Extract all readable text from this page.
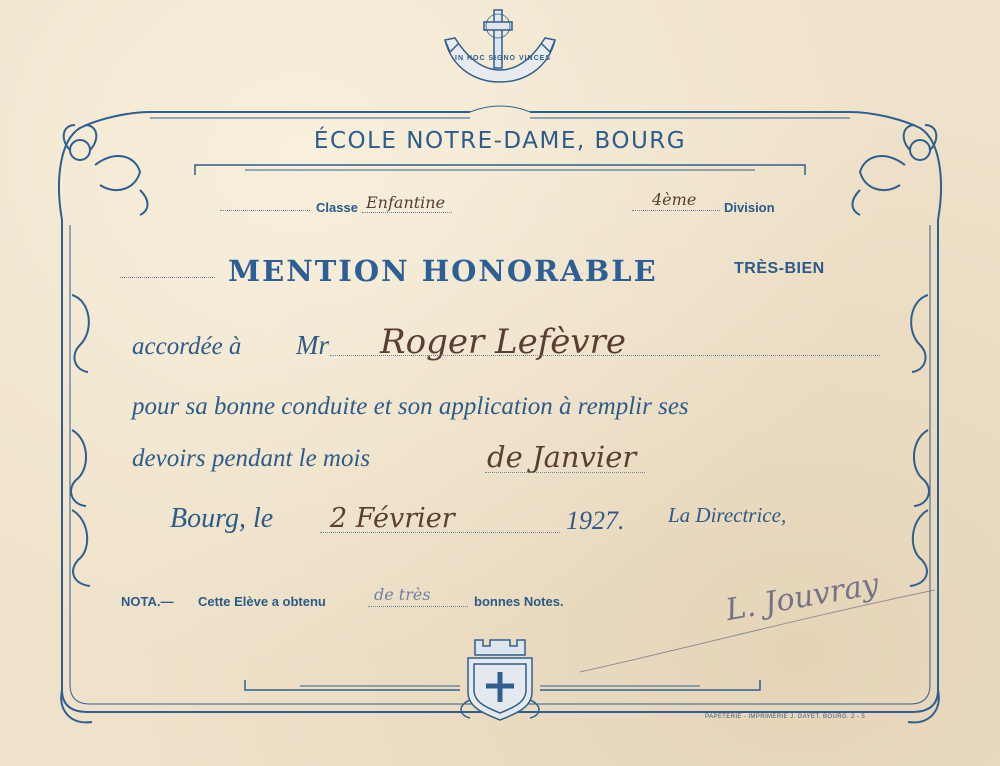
IN HOC SIGNO VINCES
ÉCOLE NOTRE-DAME, BOURG
Classe Enfantine	4ème Division
MENTION HONORABLE	TRÈS-BIEN
accordée à Mr Roger Lefèvre
pour sa bonne conduite et son application à remplir ses
devoirs pendant le mois	de Janvier
Bourg, le 2 Février	1927. La Directrice,
NOTA.— Cette Elève a obtenu	de très	bonnes Notes.	L. Jouvray
PAPETERIE - IMPRIMERIE J. GAYET, BOURG. 2 - 5
